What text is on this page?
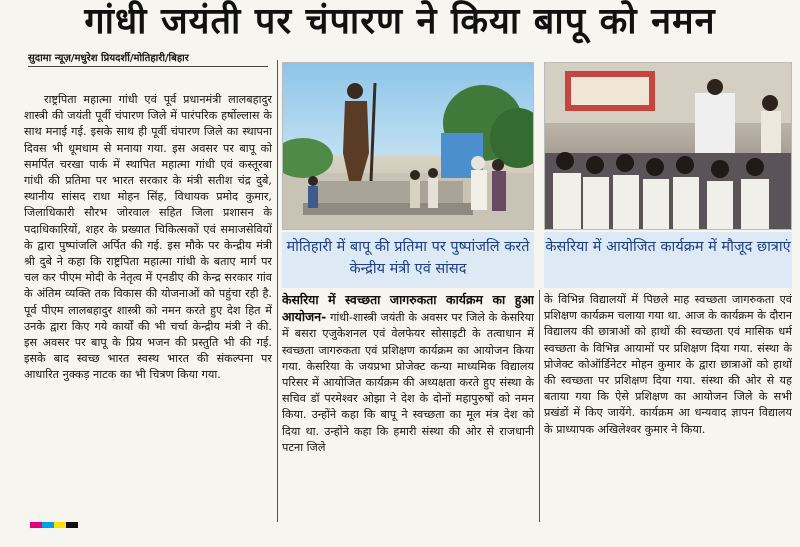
गांधी जयंती पर चंपारण ने किया बापू को नमन
सुदामा न्यूज़/मधुरेश प्रियदर्शी/मोतिहारी/बिहार

राष्ट्रपिता महात्मा गांधी एवं पूर्व प्रधानमंत्री लालबहादुर शास्त्री की जयंती पूर्वी चंपारण जिले में पारंपरिक हर्षोल्लास के साथ मनाई गई. इसके साथ ही पूर्वी चंपारण जिले का स्थापना दिवस भी धूमधाम से मनाया गया. इस अवसर पर बापू को समर्पित चरखा पार्क में स्थापित महात्मा गांधी एवं कस्तूरबा गांधी की प्रतिमा पर भारत सरकार के मंत्री सतीश चंद्र दुबे, स्थानीय सांसद राधा मोहन सिंह, विधायक प्रमोद कुमार, जिलाधिकारी सौरभ जोरवाल सहित जिला प्रशासन के पदाधिकारियों, शहर के प्रख्यात चिकित्सकों एवं समाजसेवियों के द्वारा पुष्पांजलि अर्पित की गई. इस मौके पर केन्द्रीय मंत्री श्री दुबे ने कहा कि राष्ट्रपिता महात्मा गांधी के बताए मार्ग पर चल कर पीएम मोदी के नेतृत्व में एनडीए की केन्द्र सरकार गांव के अंतिम व्यक्ति तक विकास की योजनाओं को पहुंचा रही है. पूर्व पीएम लालबहादुर शास्त्री को नमन करते हुए देश हित में उनके द्वारा किए गये कार्यों की भी चर्चा केन्द्रीय मंत्री ने की. इस अवसर पर बापू के प्रिय भजन की प्रस्तुति भी की गई. इसके बाद स्वच्छ भारत स्वस्थ भारत की संकल्पना पर आधारित नुक्कड़ नाटक का भी चित्रण किया गया.

मोतिहारी में बापू की प्रतिमा पर पुष्पांजलि करते केन्द्रीय मंत्री एवं सांसद
केसरिया में आयोजित कार्यक्रम में मौजूद छात्राएं

केसरिया में स्वच्छता जागरुकता कार्यक्रम का हुआ आयोजन- गांधी-शास्त्री जयंती के अवसर पर जिले के केसरिया में बसरा एजुकेशनल एवं वेलफेयर सोसाइटी के तत्वाधान में स्वच्छता जागरुकता एवं प्रशिक्षण कार्यक्रम का आयोजन किया गया. केसरिया के जयप्रभा प्रोजेक्ट कन्या माध्यमिक विद्यालय परिसर में आयोजित कार्यक्रम की अध्यक्षता करते हुए संस्था के सचिव डॉ परमेश्वर ओझा ने देश के दोनों महापुरुषों को नमन किया. उन्होंने कहा कि बापू ने स्वच्छता का मूल मंत्र देश को दिया था. उन्होंने कहा कि हमारी संस्था की ओर से राजधानी पटना जिले

के विभिन्न विद्यालयों में पिछले माह स्वच्छता जागरुकता एवं प्रशिक्षण कार्यक्रम चलाया गया था. आज के कार्यक्रम के दौरान विद्यालय की छात्राओं को हाथों की स्वच्छता एवं मासिक धर्म स्वच्छता के विभिन्न आयामों पर प्रशिक्षण दिया गया. संस्था के प्रोजेक्ट कोऑर्डिनेटर मोहन कुमार के द्वारा छात्राओं को हाथों की स्वच्छता पर प्रशिक्षण दिया गया. संस्था की ओर से यह बताया गया कि ऐसे प्रशिक्षण का आयोजन जिले के सभी प्रखंडों में किए जायेंगे. कार्यक्रम आ धन्यवाद ज्ञापन विद्यालय के प्राध्यापक अखिलेश्वर कुमार ने किया.
